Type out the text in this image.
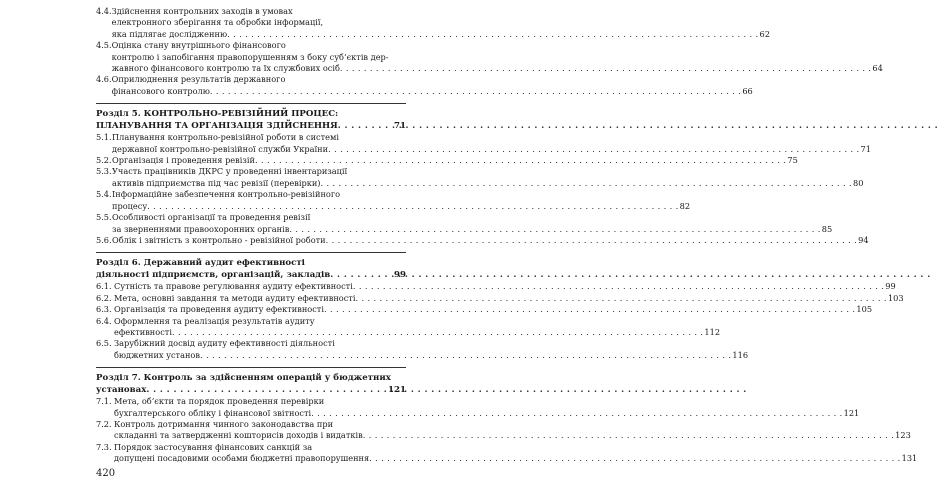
4.4. Здійснення контрольних заходів в умовах
електронного зберігання та обробки інформації,
яка підлягає дослідженню . . .	62
4.5. Оцінка стану внутрішнього фінансового
контролю і запобігання правопорушенням з боку суб’єктів дер-
жавного фінансового контролю та їх службових осіб . . .	64
4.6. Оприлюднення результатів державного
фінансового контролю . . .	66
Розділ 5. КОНТРОЛЬНО-РЕВІЗІЙНИЙ ПРОЦЕС:
ПЛАНУВАННЯ ТА ОРГАНІЗАЦІЯ ЗДІЙСНЕННЯ . . .	71
5.1. Планування контрольно-ревізійної роботи в системі
державної контрольно-ревізійної служби України . . .	71
5.2. Організація і проведення ревізій . . .	75
5.3. Участь працівників ДКРС у проведенні інвентаризації
активів підприємства під час ревізії (перевірки) . . .	80
5.4. Інформаційне забезпечення контрольно-ревізійного
процесу . . .	82
5.5. Особливості організації та проведення ревізії
за зверненнями правоохоронних органів . . .	85
5.6. Облік і звітність з контрольно - ревізійної роботи . . .	94
Розділ 6. Державний аудит ефективності
діяльності підприємств, організацій, закладів . . .	99
6.1. Сутність та правове регулювання аудиту ефективності . . .	99
6.2. Мета, основні завдання та методи аудиту ефективності . . .	103
6.3. Організація та проведення аудиту ефективності . . .	105
6.4. Оформлення та реалізація результатів аудиту
ефективності . . .	112
6.5. Зарубіжний досвід аудиту ефективності діяльності
бюджетних установ . . .	116
Розділ 7. Контроль за здійсненням операцій у бюджетних
установах . . .	121
7.1. Мета, об’єкти та порядок проведення перевірки
бухгалтерського обліку і фінансової звітності . . .	121
7.2. Контроль дотримання чинного законодавства при
складанні та затвердженні кошторисів доходів і видатків . . .	123
7.3. Порядок застосування фінансових санкцій за
допущені посадовими особами бюджетні правопорушення . . .	131
420
